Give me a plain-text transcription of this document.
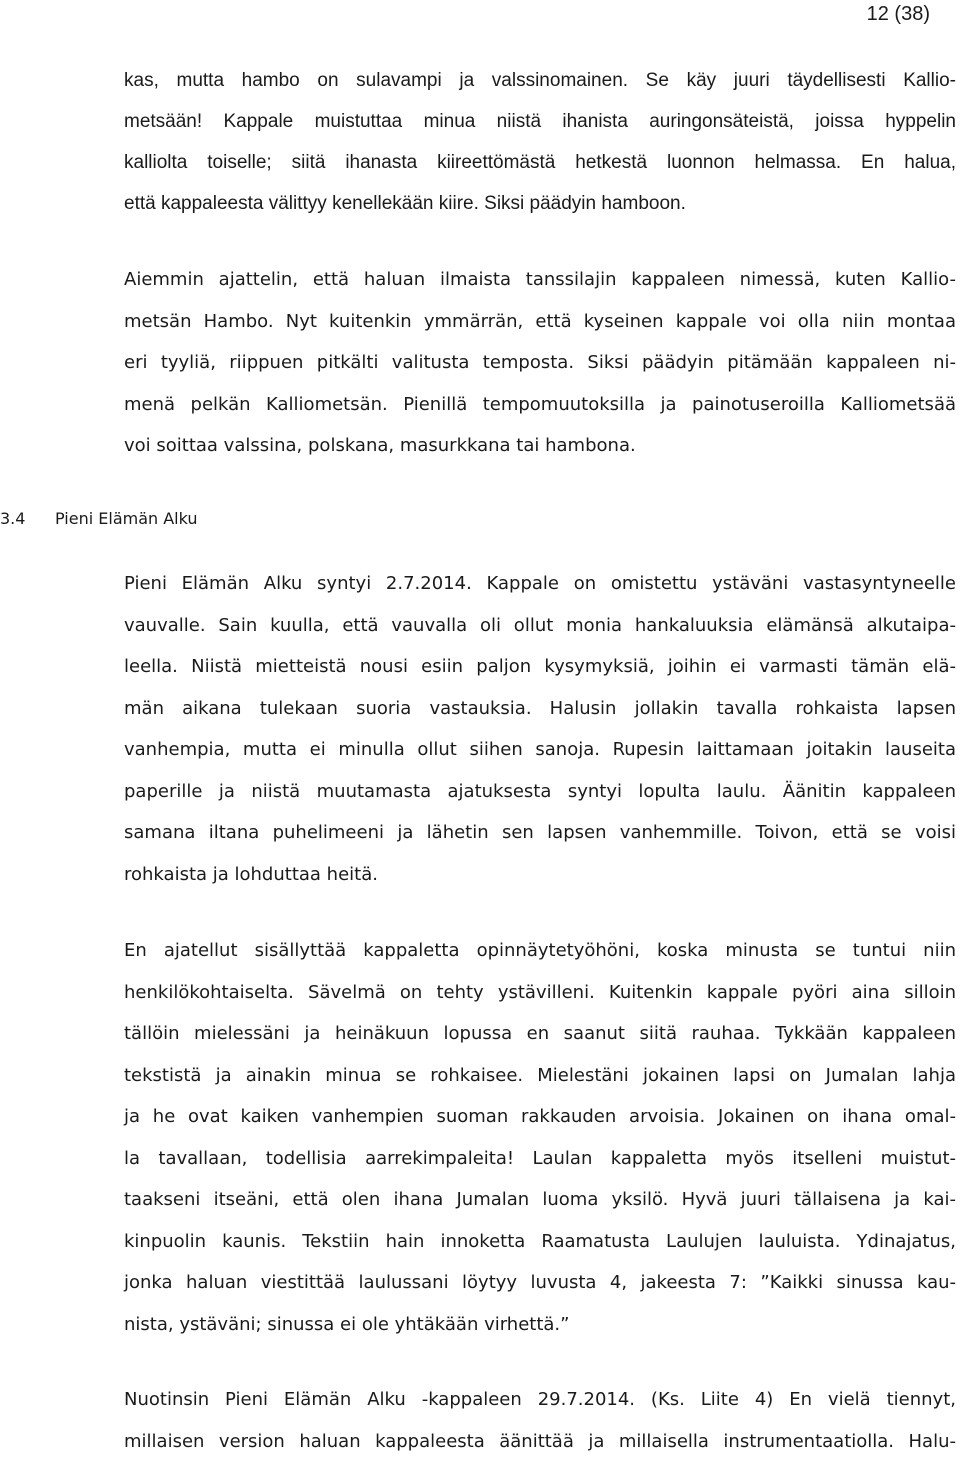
12 (38)
kas, mutta hambo on sulavampi ja valssinomainen. Se käy juuri täydellisesti Kallio-
metsään! Kappale muistuttaa minua niistä ihanista auringonsäteistä, joissa hyppelin
kalliolta toiselle; siitä ihanasta kiireettömästä hetkestä luonnon helmassa. En halua,
että kappaleesta välittyy kenellekään kiire. Siksi päädyin hamboon.
Aiemmin ajattelin, että haluan ilmaista tanssilajin kappaleen nimessä, kuten Kallio-
metsän Hambo. Nyt kuitenkin ymmärrän, että kyseinen kappale voi olla niin montaa
eri tyyliä, riippuen pitkälti valitusta temposta. Siksi päädyin pitämään kappaleen ni-
menä pelkän Kalliometsän. Pienillä tempomuutoksilla ja painotuseroilla Kalliometsää
voi soittaa valssina, polskana, masurkkana tai hambona.
3.4 Pieni Elämän Alku
Pieni Elämän Alku syntyi 2.7.2014. Kappale on omistettu ystäväni vastasyntyneelle
vauvalle. Sain kuulla, että vauvalla oli ollut monia hankaluuksia elämänsä alkutaipa-
leella. Niistä mietteistä nousi esiin paljon kysymyksiä, joihin ei varmasti tämän elä-
män aikana tulekaan suoria vastauksia. Halusin jollakin tavalla rohkaista lapsen
vanhempia, mutta ei minulla ollut siihen sanoja. Rupesin laittamaan joitakin lauseita
paperille ja niistä muutamasta ajatuksesta syntyi lopulta laulu. Äänitin kappaleen
samana iltana puhelimeeni ja lähetin sen lapsen vanhemmille. Toivon, että se voisi
rohkaista ja lohduttaa heitä.
En ajatellut sisällyttää kappaletta opinnäytetyöhöni, koska minusta se tuntui niin
henkilökohtaiselta. Sävelmä on tehty ystävilleni. Kuitenkin kappale pyöri aina silloin
tällöin mielessäni ja heinäkuun lopussa en saanut siitä rauhaa. Tykkään kappaleen
tekstistä ja ainakin minua se rohkaisee. Mielestäni jokainen lapsi on Jumalan lahja
ja he ovat kaiken vanhempien suoman rakkauden arvoisia. Jokainen on ihana omal-
la tavallaan, todellisia aarrekimpaleita! Laulan kappaletta myös itselleni muistut-
taakseni itseäni, että olen ihana Jumalan luoma yksilö. Hyvä juuri tällaisena ja kai-
kinpuolin kaunis. Tekstiin hain innoketta Raamatusta Laulujen lauluista. Ydinajatus,
jonka haluan viestittää laulussani löytyy luvusta 4, jakeesta 7: ”Kaikki sinussa kau-
nista, ystäväni; sinussa ei ole yhtäkään virhettä.”
Nuotinsin Pieni Elämän Alku -kappaleen 29.7.2014. (Ks. Liite 4) En vielä tiennyt,
millaisen version haluan kappaleesta äänittää ja millaisella instrumentaatiolla. Halu-
